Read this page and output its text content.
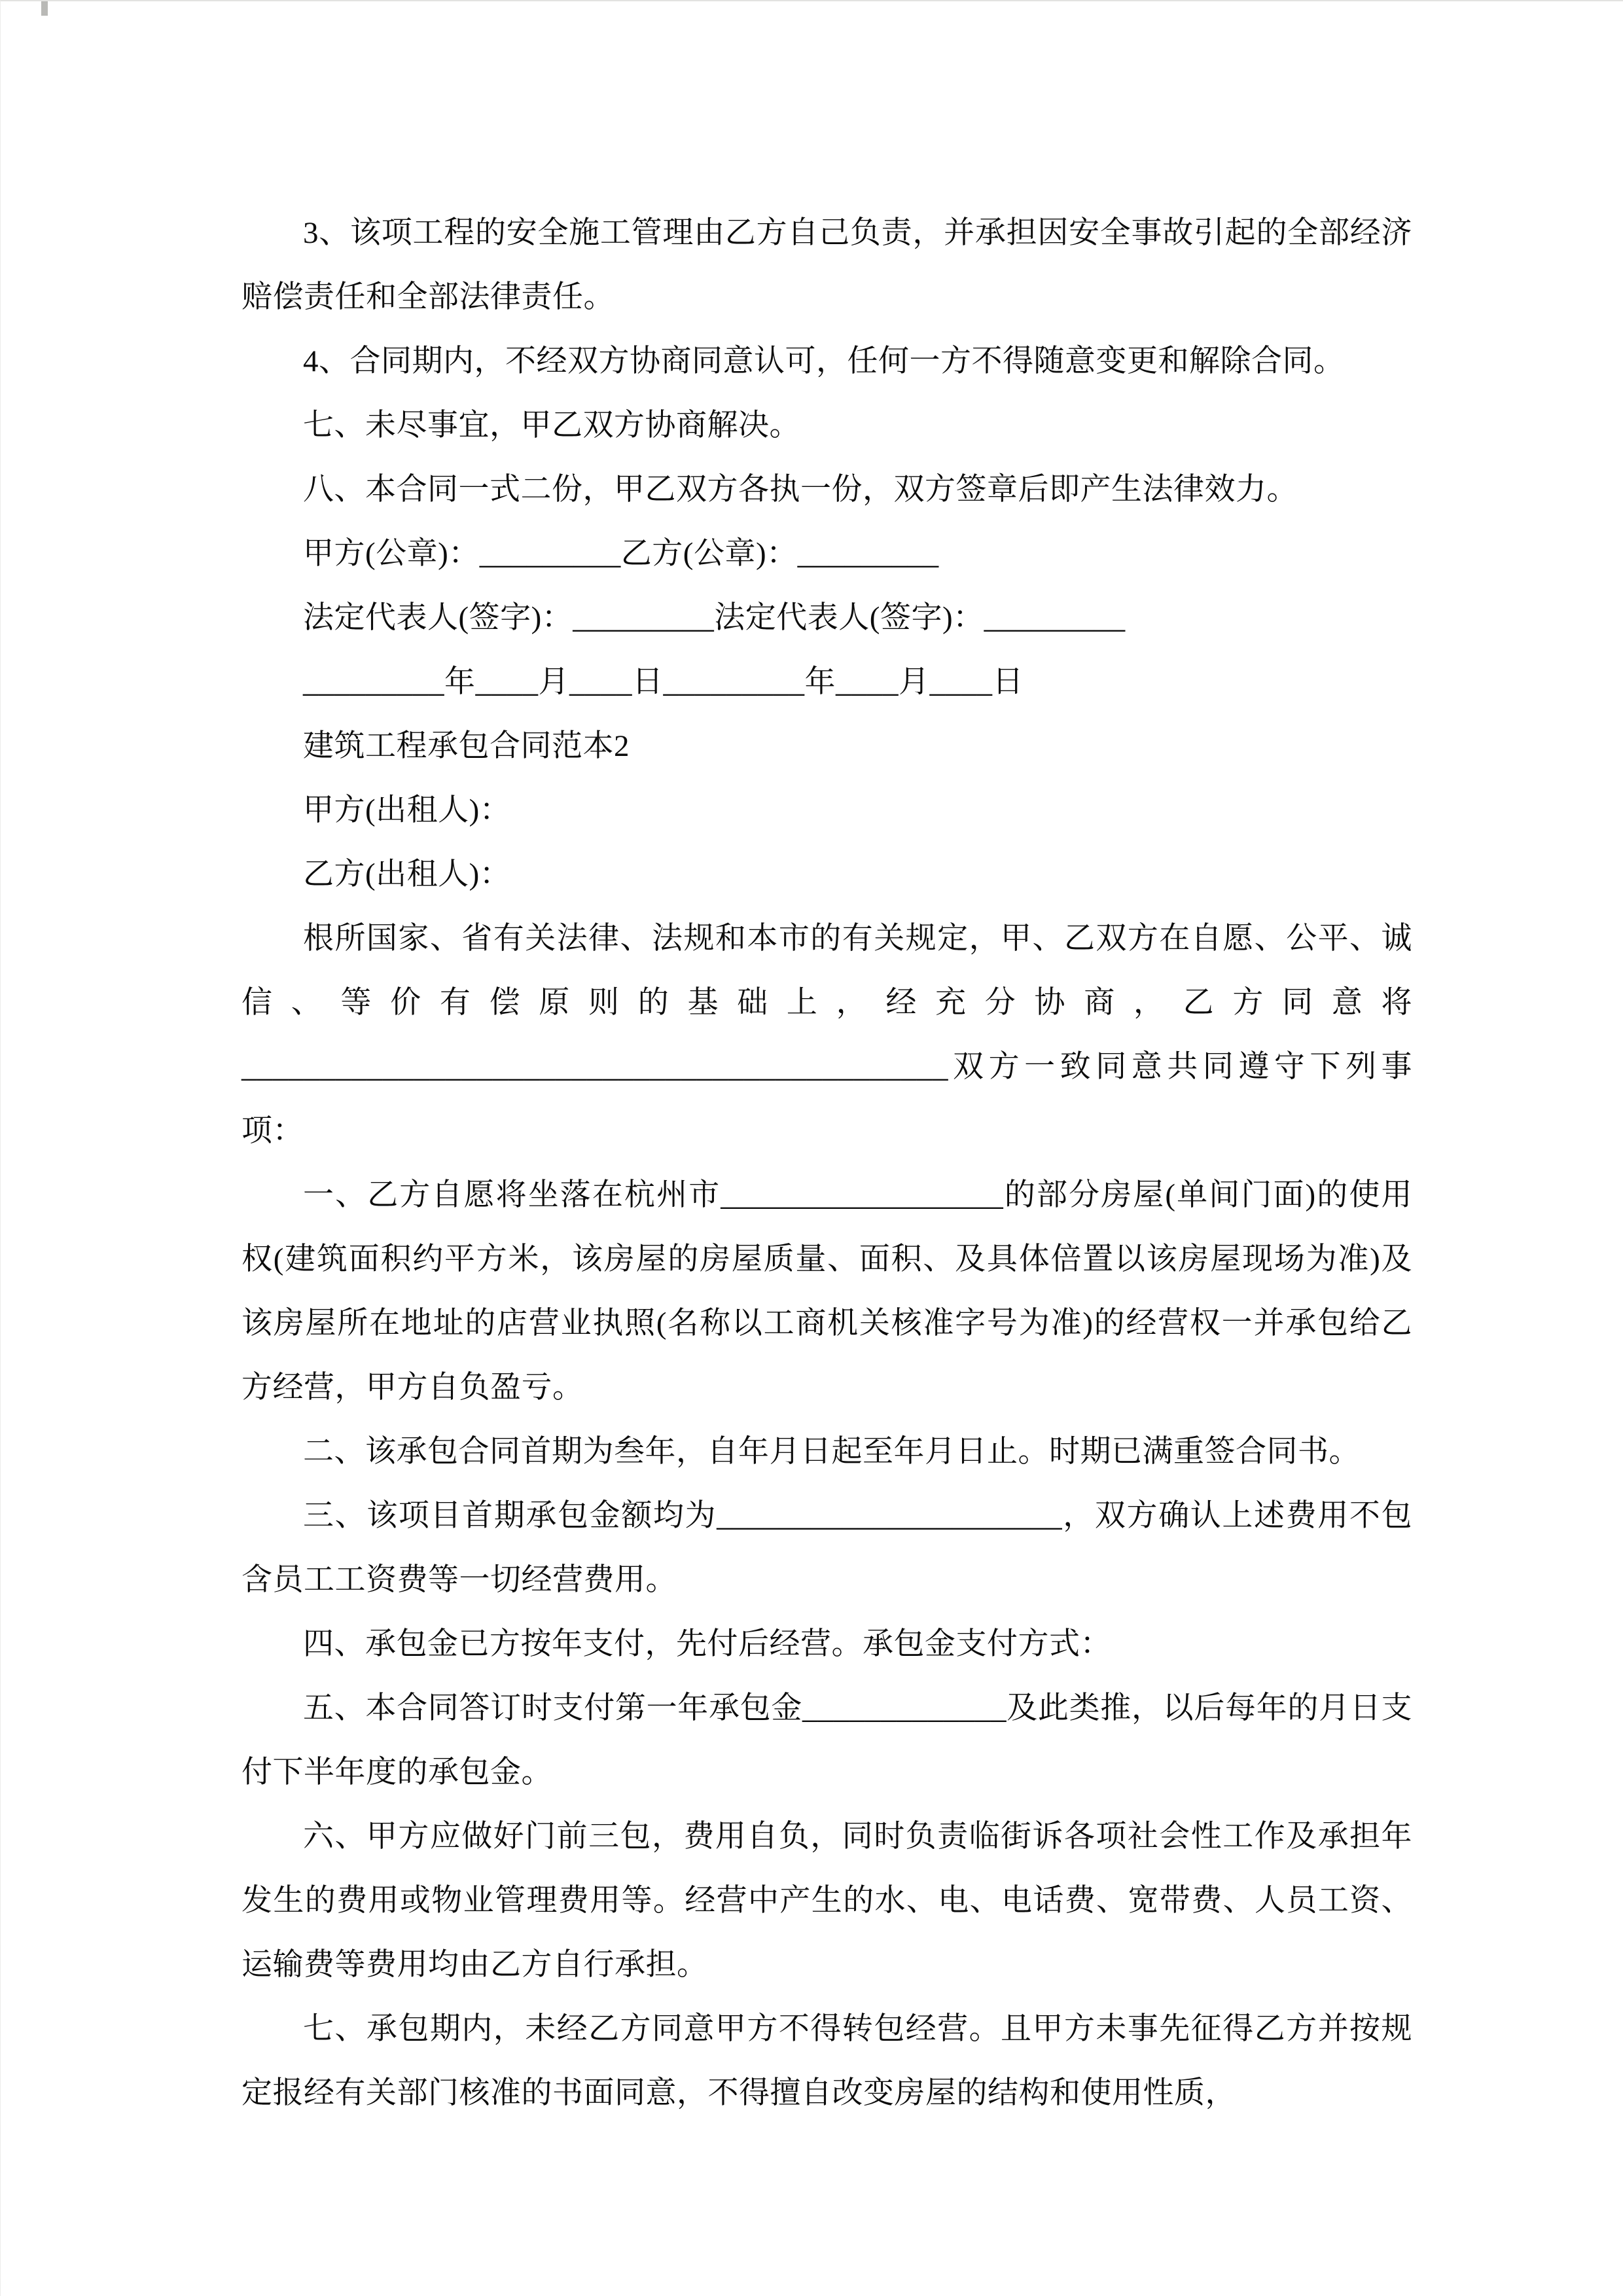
3、该项工程的安全施工管理由乙方自己负责，并承担因安全事故引起的全部经济赔偿责任和全部法律责任。

4、合同期内，不经双方协商同意认可，任何一方不得随意变更和解除合同。

七、未尽事宜，甲乙双方协商解决。

八、本合同一式二份，甲乙双方各执一份，双方签章后即产生法律效力。

甲方(公章)：_________乙方(公章)：_________

法定代表人(签字)：_________法定代表人(签字)：_________

_________年____月____日_________年____月____日

建筑工程承包合同范本2

甲方(出租人)：

乙方(出租人)：

根所国家、省有关法律、法规和本市的有关规定，甲、乙双方在自愿、公平、诚信、等价有偿原则的基础上，经充分协商，乙方同意将_____________________________________________双方一致同意共同遵守下列事项：

一、乙方自愿将坐落在杭州市__________________的部分房屋(单间门面)的使用权(建筑面积约平方米，该房屋的房屋质量、面积、及具体倍置以该房屋现场为准)及该房屋所在地址的店营业执照(名称以工商机关核准字号为准)的经营权一并承包给乙方经营，甲方自负盈亏。

二、该承包合同首期为叁年，自年月日起至年月日止。时期已满重签合同书。

三、该项目首期承包金额均为______________________，双方确认上述费用不包含员工工资费等一切经营费用。

四、承包金已方按年支付，先付后经营。承包金支付方式：

五、本合同答订时支付第一年承包金_____________及此类推，以后每年的月日支付下半年度的承包金。

六、甲方应做好门前三包，费用自负，同时负责临街诉各项社会性工作及承担年发生的费用或物业管理费用等。经营中产生的水、电、电话费、宽带费、人员工资、运输费等费用均由乙方自行承担。

七、承包期内，未经乙方同意甲方不得转包经营。且甲方未事先征得乙方并按规定报经有关部门核准的书面同意，不得擅自改变房屋的结构和使用性质，
